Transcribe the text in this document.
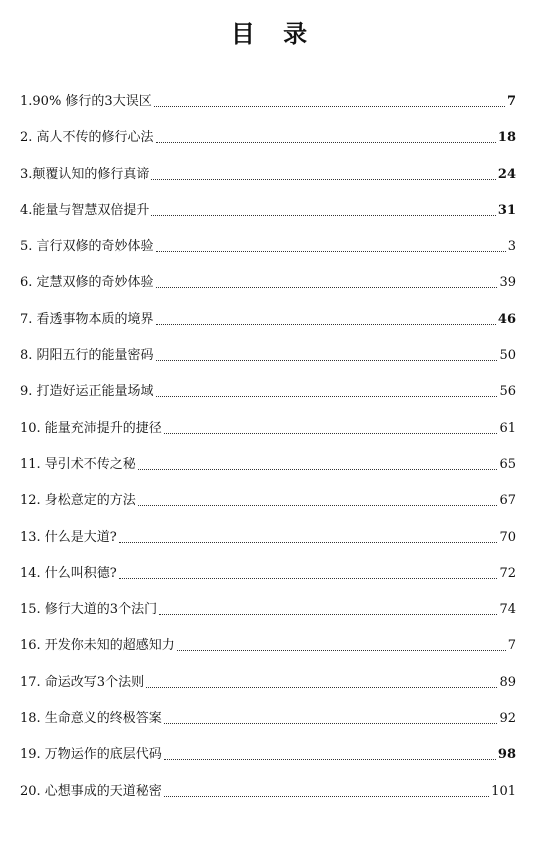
目 录
1.90% 修行的3大误区	7
2. 高人不传的修行心法	18
3.颠覆认知的修行真谛	24
4.能量与智慧双倍提升	31
5. 言行双修的奇妙体验	3
6. 定慧双修的奇妙体验	39
7. 看透事物本质的境界	46
8. 阴阳五行的能量密码	50
9. 打造好运正能量场域	56
10. 能量充沛提升的捷径	61
11. 导引术不传之秘	65
12. 身松意定的方法	67
13. 什么是大道?	70
14. 什么叫积德?	72
15. 修行大道的3个法门	74
16. 开发你未知的超感知力	7
17. 命运改写3个法则	89
18. 生命意义的终极答案	92
19. 万物运作的底层代码	98
20. 心想事成的天道秘密	101
